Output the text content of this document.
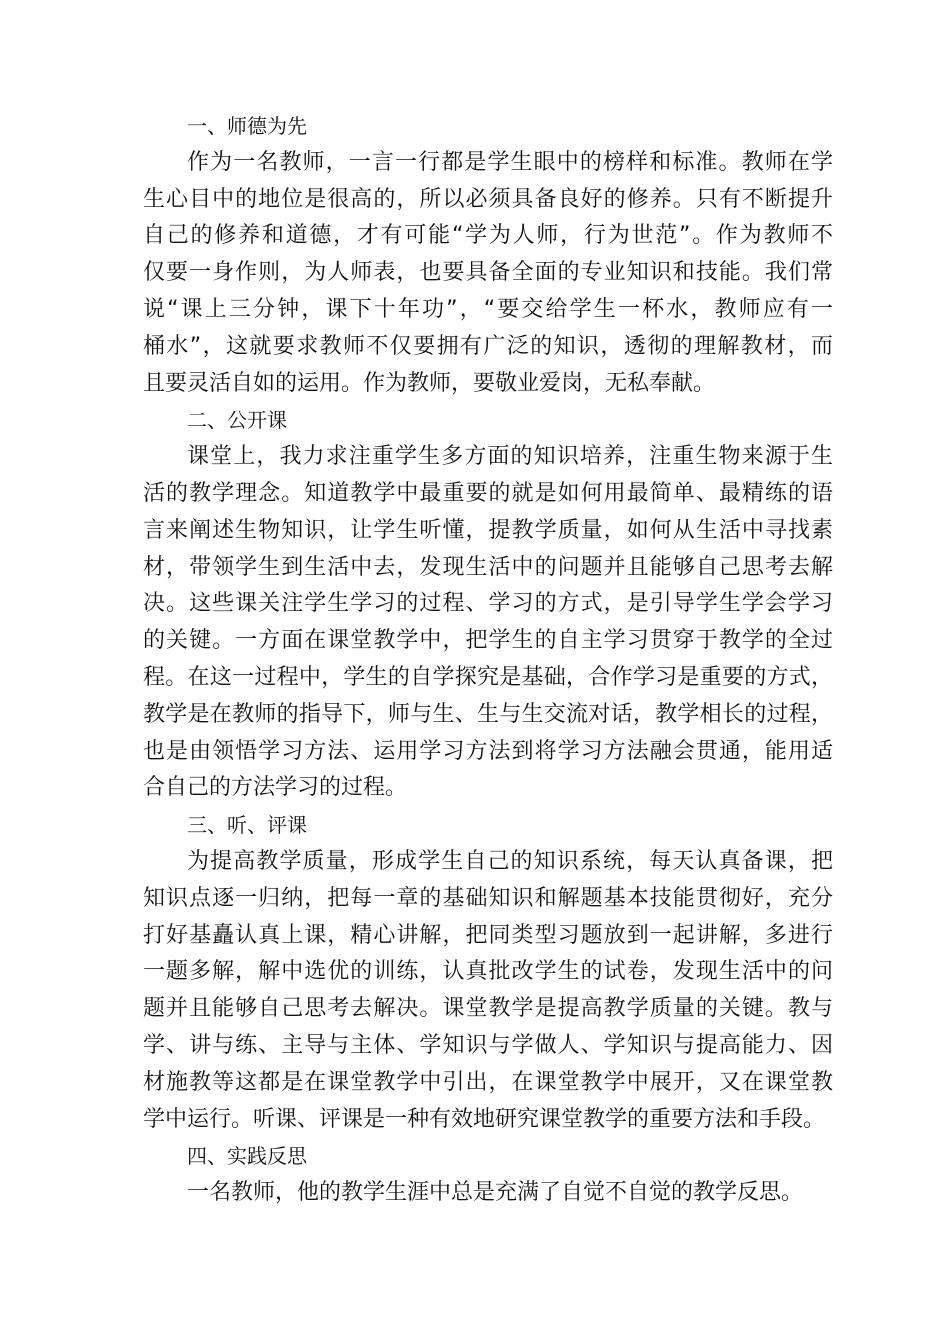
一、师德为先
作为一名教师，一言一行都是学生眼中的榜样和标准。教师在学
生心目中的地位是很高的，所以必须具备良好的修养。只有不断提升
自己的修养和道德，才有可能“学为人师，行为世范”。作为教师不
仅要一身作则，为人师表，也要具备全面的专业知识和技能。我们常
说“课上三分钟，课下十年功”，“要交给学生一杯水，教师应有一
桶水”，这就要求教师不仅要拥有广泛的知识，透彻的理解教材，而
且要灵活自如的运用。作为教师，要敬业爱岗，无私奉献。
二、公开课
课堂上，我力求注重学生多方面的知识培养，注重生物来源于生
活的教学理念。知道教学中最重要的就是如何用最简单、最精练的语
言来阐述生物知识，让学生听懂，提教学质量，如何从生活中寻找素
材，带领学生到生活中去，发现生活中的问题并且能够自己思考去解
决。这些课关注学生学习的过程、学习的方式，是引导学生学会学习
的关键。一方面在课堂教学中，把学生的自主学习贯穿于教学的全过
程。在这一过程中，学生的自学探究是基础，合作学习是重要的方式，
教学是在教师的指导下，师与生、生与生交流对话，教学相长的过程，
也是由领悟学习方法、运用学习方法到将学习方法融会贯通，能用适
合自己的方法学习的过程。
三、听、评课
为提高教学质量，形成学生自己的知识系统，每天认真备课，把
知识点逐一归纳，把每一章的基础知识和解题基本技能贯彻好，充分
打好基矗认真上课，精心讲解，把同类型习题放到一起讲解，多进行
一题多解，解中选优的训练，认真批改学生的试卷，发现生活中的问
题并且能够自己思考去解决。课堂教学是提高教学质量的关键。教与
学、讲与练、主导与主体、学知识与学做人、学知识与提高能力、因
材施教等这都是在课堂教学中引出，在课堂教学中展开，又在课堂教
学中运行。听课、评课是一种有效地研究课堂教学的重要方法和手段。
四、实践反思
一名教师，他的教学生涯中总是充满了自觉不自觉的教学反思。
